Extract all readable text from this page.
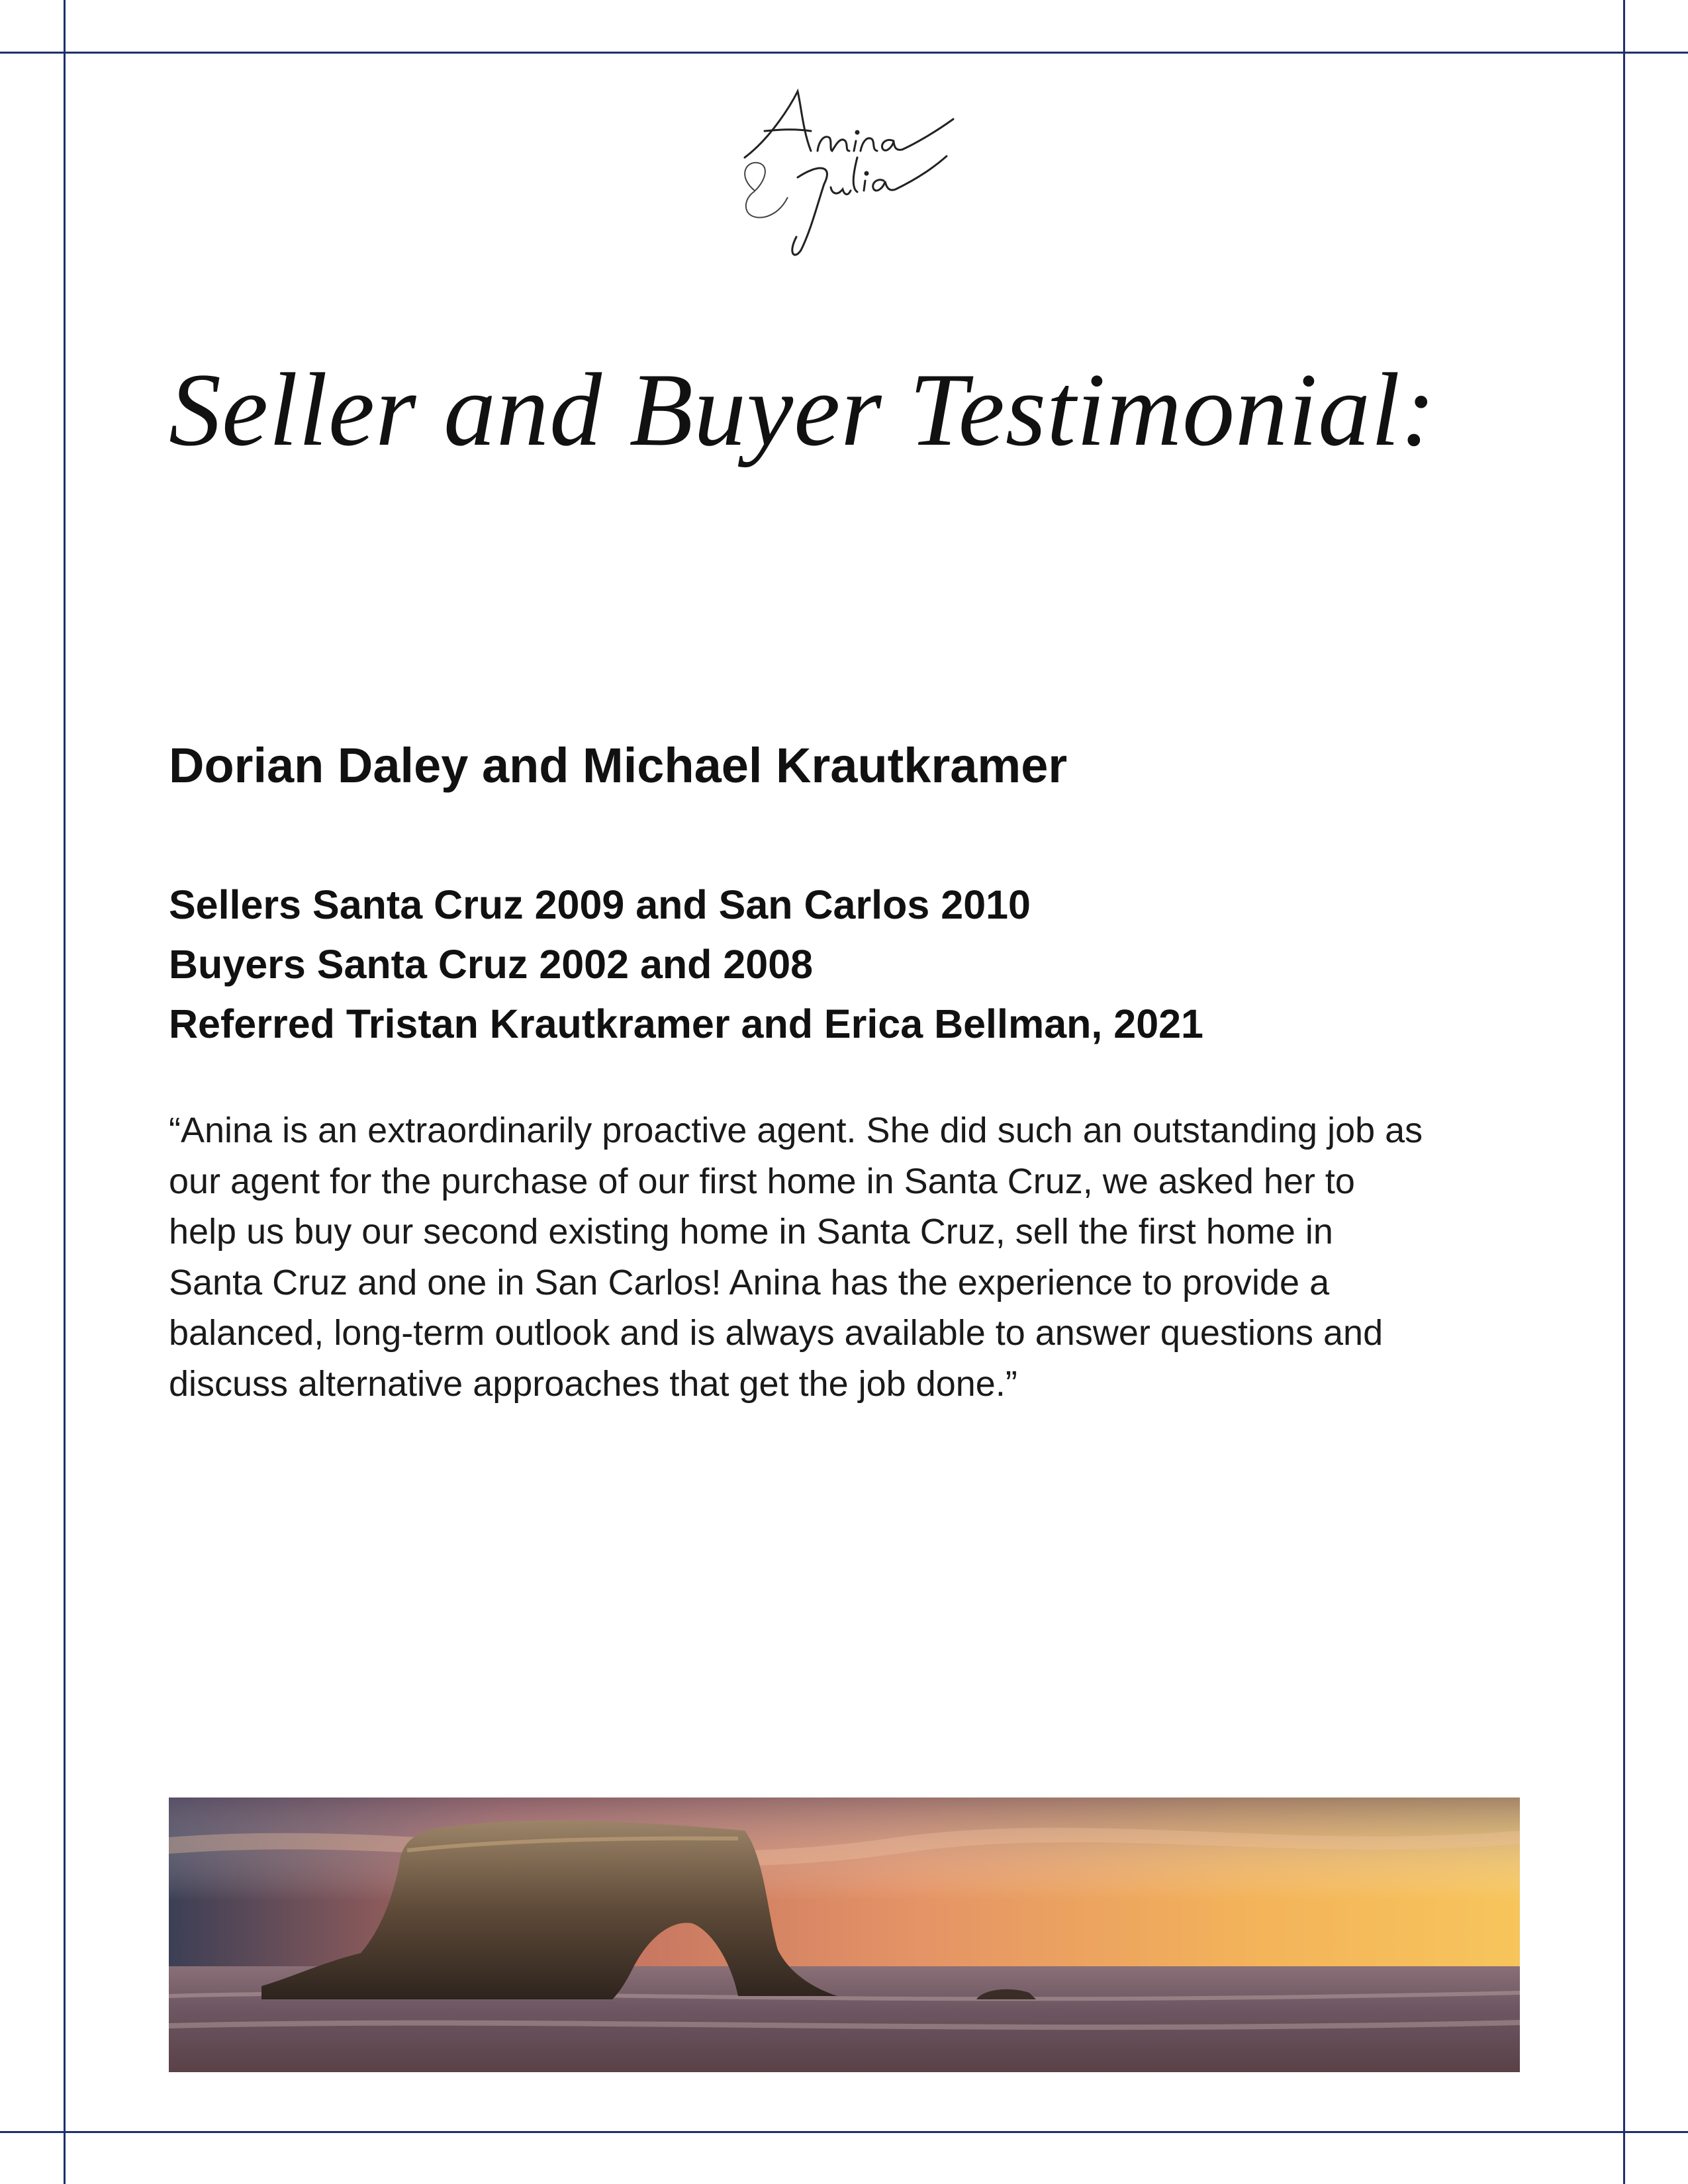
Seller and Buyer Testimonial:
Dorian Daley and Michael Krautkramer
Sellers Santa Cruz 2009 and San Carlos 2010
Buyers Santa Cruz 2002 and 2008
Referred Tristan Krautkramer and Erica Bellman, 2021
“Anina is an extraordinarily proactive agent. She did such an outstanding job as
our agent for the purchase of our first home in Santa Cruz, we asked her to
help us buy our second existing home in Santa Cruz, sell the first home in
Santa Cruz and one in San Carlos! Anina has the experience to provide a
balanced, long-term outlook and is always available to answer questions and
discuss alternative approaches that get the job done.”
